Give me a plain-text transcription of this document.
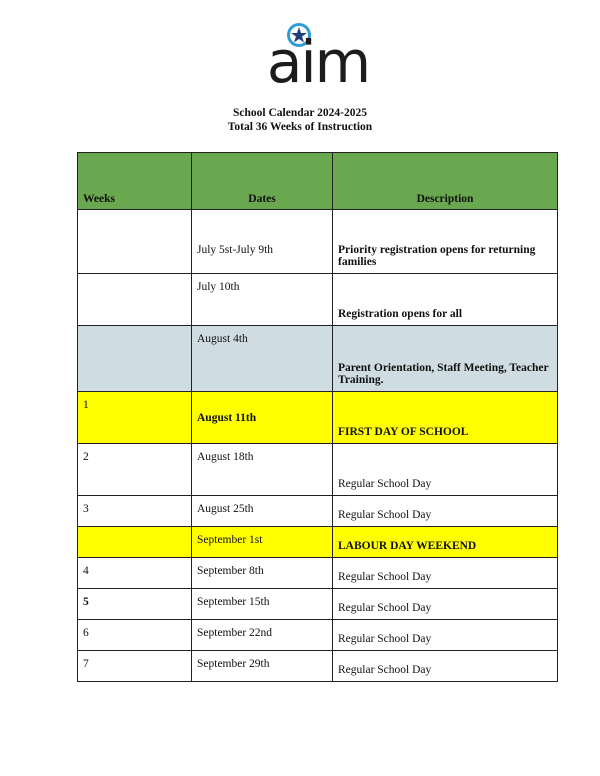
aim
School Calendar 2024-2025
Total 36 Weeks of Instruction
Weeks	Dates	Description
	July 5st-July 9th	Priority registration opens for returning families
	July 10th	Registration opens for all
	August 4th	Parent Orientation, Staff Meeting, Teacher Training.
1	August 11th	FIRST DAY OF SCHOOL
2	August 18th	Regular School Day
3	August 25th	Regular School Day
	September 1st	LABOUR DAY WEEKEND
4	September 8th	Regular School Day
5	September 15th	Regular School Day
6	September 22nd	Regular School Day
7	September 29th	Regular School Day
